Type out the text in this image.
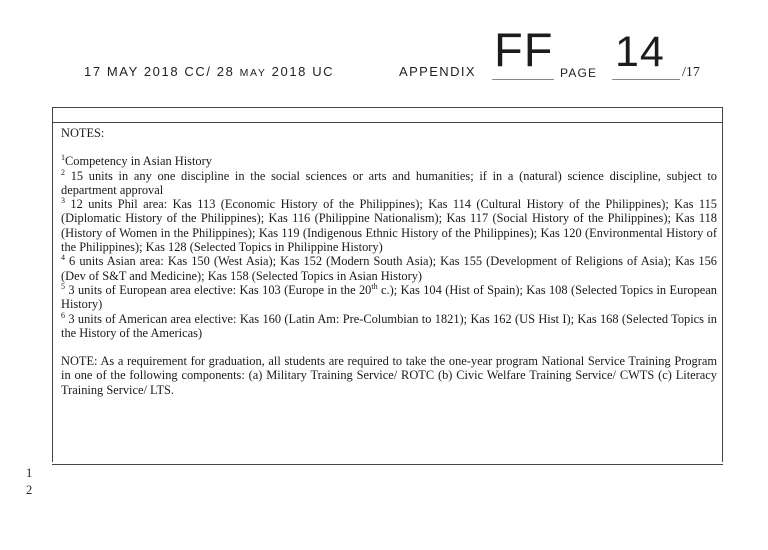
17 MAY 2018 CC/ 28 MAY 2018 UC	APPENDIX FF PAGE 14 /17

NOTES:

$^1$Competency in Asian History

$^2$ 15 units in any one discipline in the social sciences or arts and humanities; if in a (natural) science discipline, subject to department approval

$^3$ 12 units Phil area: Kas 113 (Economic History of the Philippines); Kas 114 (Cultural History of the Philippines); Kas 115 (Diplomatic History of the Philippines); Kas 116 (Philippine Nationalism); Kas 117 (Social History of the Philippines); Kas 118 (History of Women in the Philippines); Kas 119 (Indigenous Ethnic History of the Philippines); Kas 120 (Environmental History of the Philippines); Kas 128 (Selected Topics in Philippine History)

$^4$ 6 units Asian area: Kas 150 (West Asia); Kas 152 (Modern South Asia); Kas 155 (Development of Religions of Asia); Kas 156 (Dev of S&T and Medicine); Kas 158 (Selected Topics in Asian History)

$^5$ 3 units of European area elective: Kas 103 (Europe in the 20th c.); Kas 104 (Hist of Spain); Kas 108 (Selected Topics in European History)

$^6$ 3 units of American area elective: Kas 160 (Latin Am: Pre-Columbian to 1821); Kas 162 (US Hist I); Kas 168 (Selected Topics in the History of the Americas)

NOTE: As a requirement for graduation, all students are required to take the one-year program National Service Training Program in one of the following components: (a) Military Training Service/ ROTC (b) Civic Welfare Training Service/ CWTS (c) Literacy Training Service/ LTS.

1
2
